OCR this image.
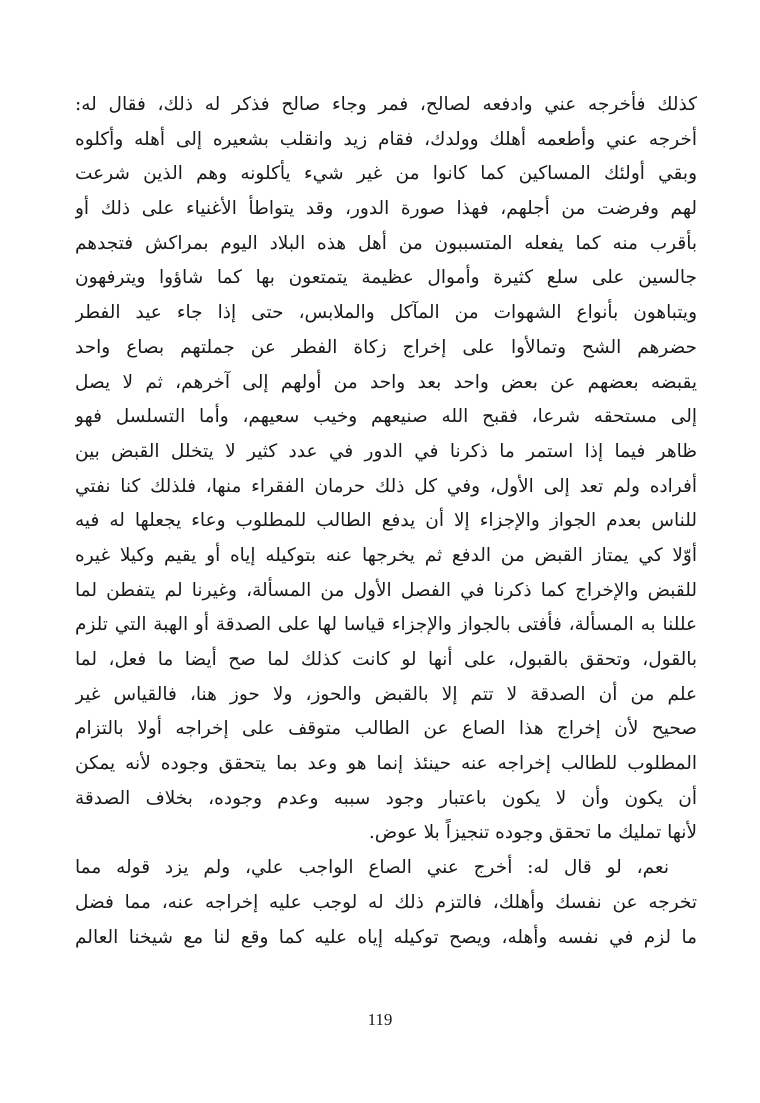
كذلك فأخرجه عني وادفعه لصالح، فمر وجاء صالح فذكر له ذلك، فقال له:
أخرجه عني وأطعمه أهلك وولدك، فقام زيد وانقلب بشعيره إلى أهله وأكلوه
وبقي أولئك المساكين كما كانوا من غير شيء يأكلونه وهم الذين شرعت
لهم وفرضت من أجلهم، فهذا صورة الدور، وقد يتواطأ الأغنياء على ذلك أو
بأقرب منه كما يفعله المتسببون من أهل هذه البلاد اليوم بمراكش فتجدهم
جالسين على سلع كثيرة وأموال عظيمة يتمتعون بها كما شاؤوا ويترفهون
ويتباهون بأنواع الشهوات من المآكل والملابس، حتى إذا جاء عيد الفطر
حضرهم الشح وتمالأوا على إخراج زكاة الفطر عن جملتهم بصاع واحد
يقبضه بعضهم عن بعض واحد بعد واحد من أولهم إلى آخرهم، ثم لا يصل
إلى مستحقه شرعا، فقبح الله صنيعهم وخيب سعيهم، وأما التسلسل فهو
ظاهر فيما إذا استمر ما ذكرنا في الدور في عدد كثير لا يتخلل القبض بين
أفراده ولم تعد إلى الأول، وفي كل ذلك حرمان الفقراء منها، فلذلك كنا نفتي
للناس بعدم الجواز والإجزاء إلا أن يدفع الطالب للمطلوب وعاء يجعلها له فيه
أوّلا كي يمتاز القبض من الدفع ثم يخرجها عنه بتوكيله إياه أو يقيم وكيلا غيره
للقبض والإخراج كما ذكرنا في الفصل الأول من المسألة، وغيرنا لم يتفطن لما
عللنا به المسألة، فأفتى بالجواز والإجزاء قياسا لها على الصدقة أو الهبة التي تلزم
بالقول، وتحقق بالقبول، على أنها لو كانت كذلك لما صح أيضا ما فعل، لما
علم من أن الصدقة لا تتم إلا بالقبض والحوز، ولا حوز هنا، فالقياس غير
صحيح لأن إخراج هذا الصاع عن الطالب متوقف على إخراجه أولا بالتزام
المطلوب للطالب إخراجه عنه حينئذ إنما هو وعد بما يتحقق وجوده لأنه يمكن
أن يكون وأن لا يكون باعتبار وجود سببه وعدم وجوده، بخلاف الصدقة
لأنها تمليك ما تحقق وجوده تنجيزاً بلا عوض.
نعم، لو قال له: أخرج عني الصاع الواجب علي، ولم يزد قوله مما
تخرجه عن نفسك وأهلك، فالتزم ذلك له لوجب عليه إخراجه عنه، مما فضل
ما لزم في نفسه وأهله، ويصح توكيله إياه عليه كما وقع لنا مع شيخنا العالم
119
